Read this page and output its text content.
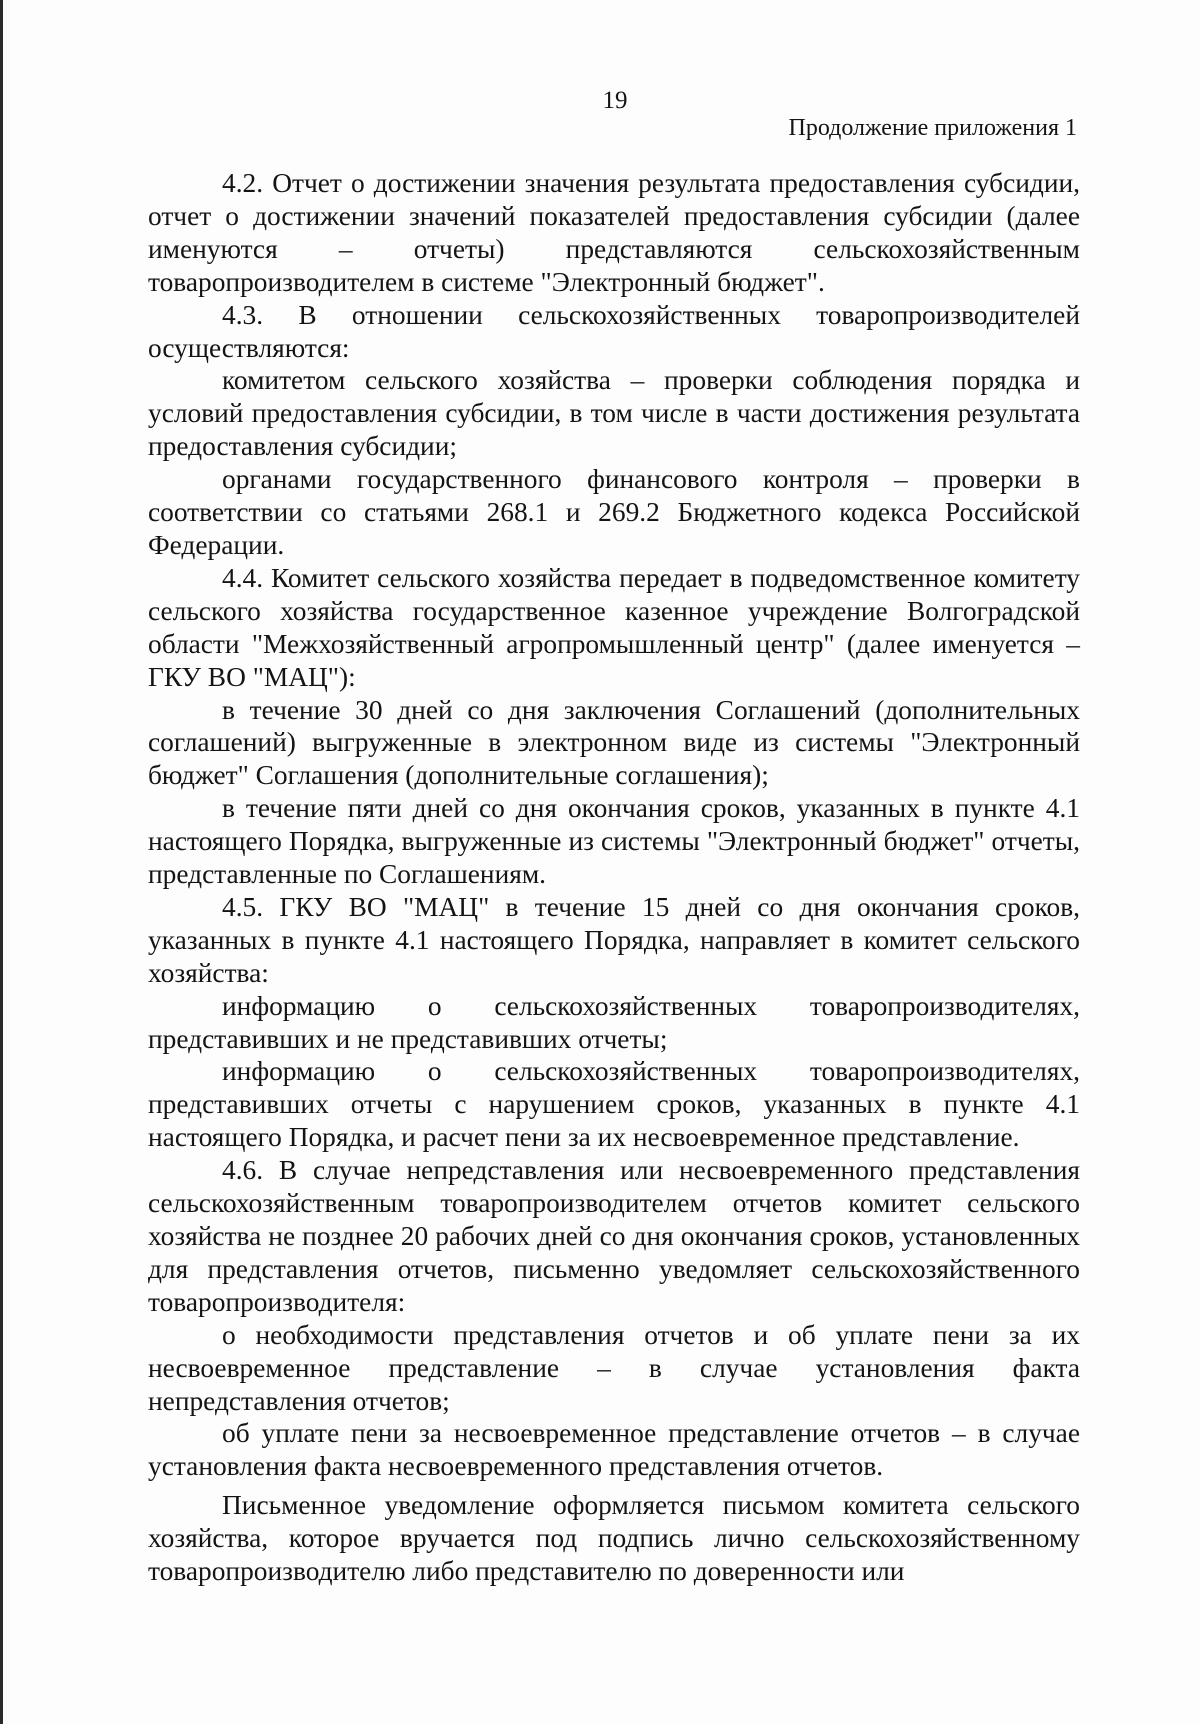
19
Продолжение приложения 1

4.2. Отчет о достижении значения результата предоставления субсидии, отчет о достижении значений показателей предоставления субсидии (далее именуются – отчеты) представляются сельскохозяйственным товаропроизводителем в системе "Электронный бюджет".

4.3. В отношении сельскохозяйственных товаропроизводителей осуществляются:

комитетом сельского хозяйства – проверки соблюдения порядка и условий предоставления субсидии, в том числе в части достижения результата предоставления субсидии;

органами государственного финансового контроля – проверки в соответствии со статьями 268.1 и 269.2 Бюджетного кодекса Российской Федерации.

4.4. Комитет сельского хозяйства передает в подведомственное комитету сельского хозяйства государственное казенное учреждение Волгоградской области "Межхозяйственный агропромышленный центр" (далее именуется – ГКУ ВО "МАЦ"):

в течение 30 дней со дня заключения Соглашений (дополнительных соглашений) выгруженные в электронном виде из системы "Электронный бюджет" Соглашения (дополнительные соглашения);

в течение пяти дней со дня окончания сроков, указанных в пункте 4.1 настоящего Порядка, выгруженные из системы "Электронный бюджет" отчеты, представленные по Соглашениям.

4.5. ГКУ ВО "МАЦ" в течение 15 дней со дня окончания сроков, указанных в пункте 4.1 настоящего Порядка, направляет в комитет сельского хозяйства:

информацию о сельскохозяйственных товаропроизводителях, представивших и не представивших отчеты;

информацию о сельскохозяйственных товаропроизводителях, представивших отчеты с нарушением сроков, указанных в пункте 4.1 настоящего Порядка, и расчет пени за их несвоевременное представление.

4.6. В случае непредставления или несвоевременного представления сельскохозяйственным товаропроизводителем отчетов комитет сельского хозяйства не позднее 20 рабочих дней со дня окончания сроков, установленных для представления отчетов, письменно уведомляет сельскохозяйственного товаропроизводителя:

о необходимости представления отчетов и об уплате пени за их несвоевременное представление – в случае установления факта непредставления отчетов;

об уплате пени за несвоевременное представление отчетов – в случае установления факта несвоевременного представления отчетов.

Письменное уведомление оформляется письмом комитета сельского хозяйства, которое вручается под подпись лично сельскохозяйственному товаропроизводителю либо представителю по доверенности или
